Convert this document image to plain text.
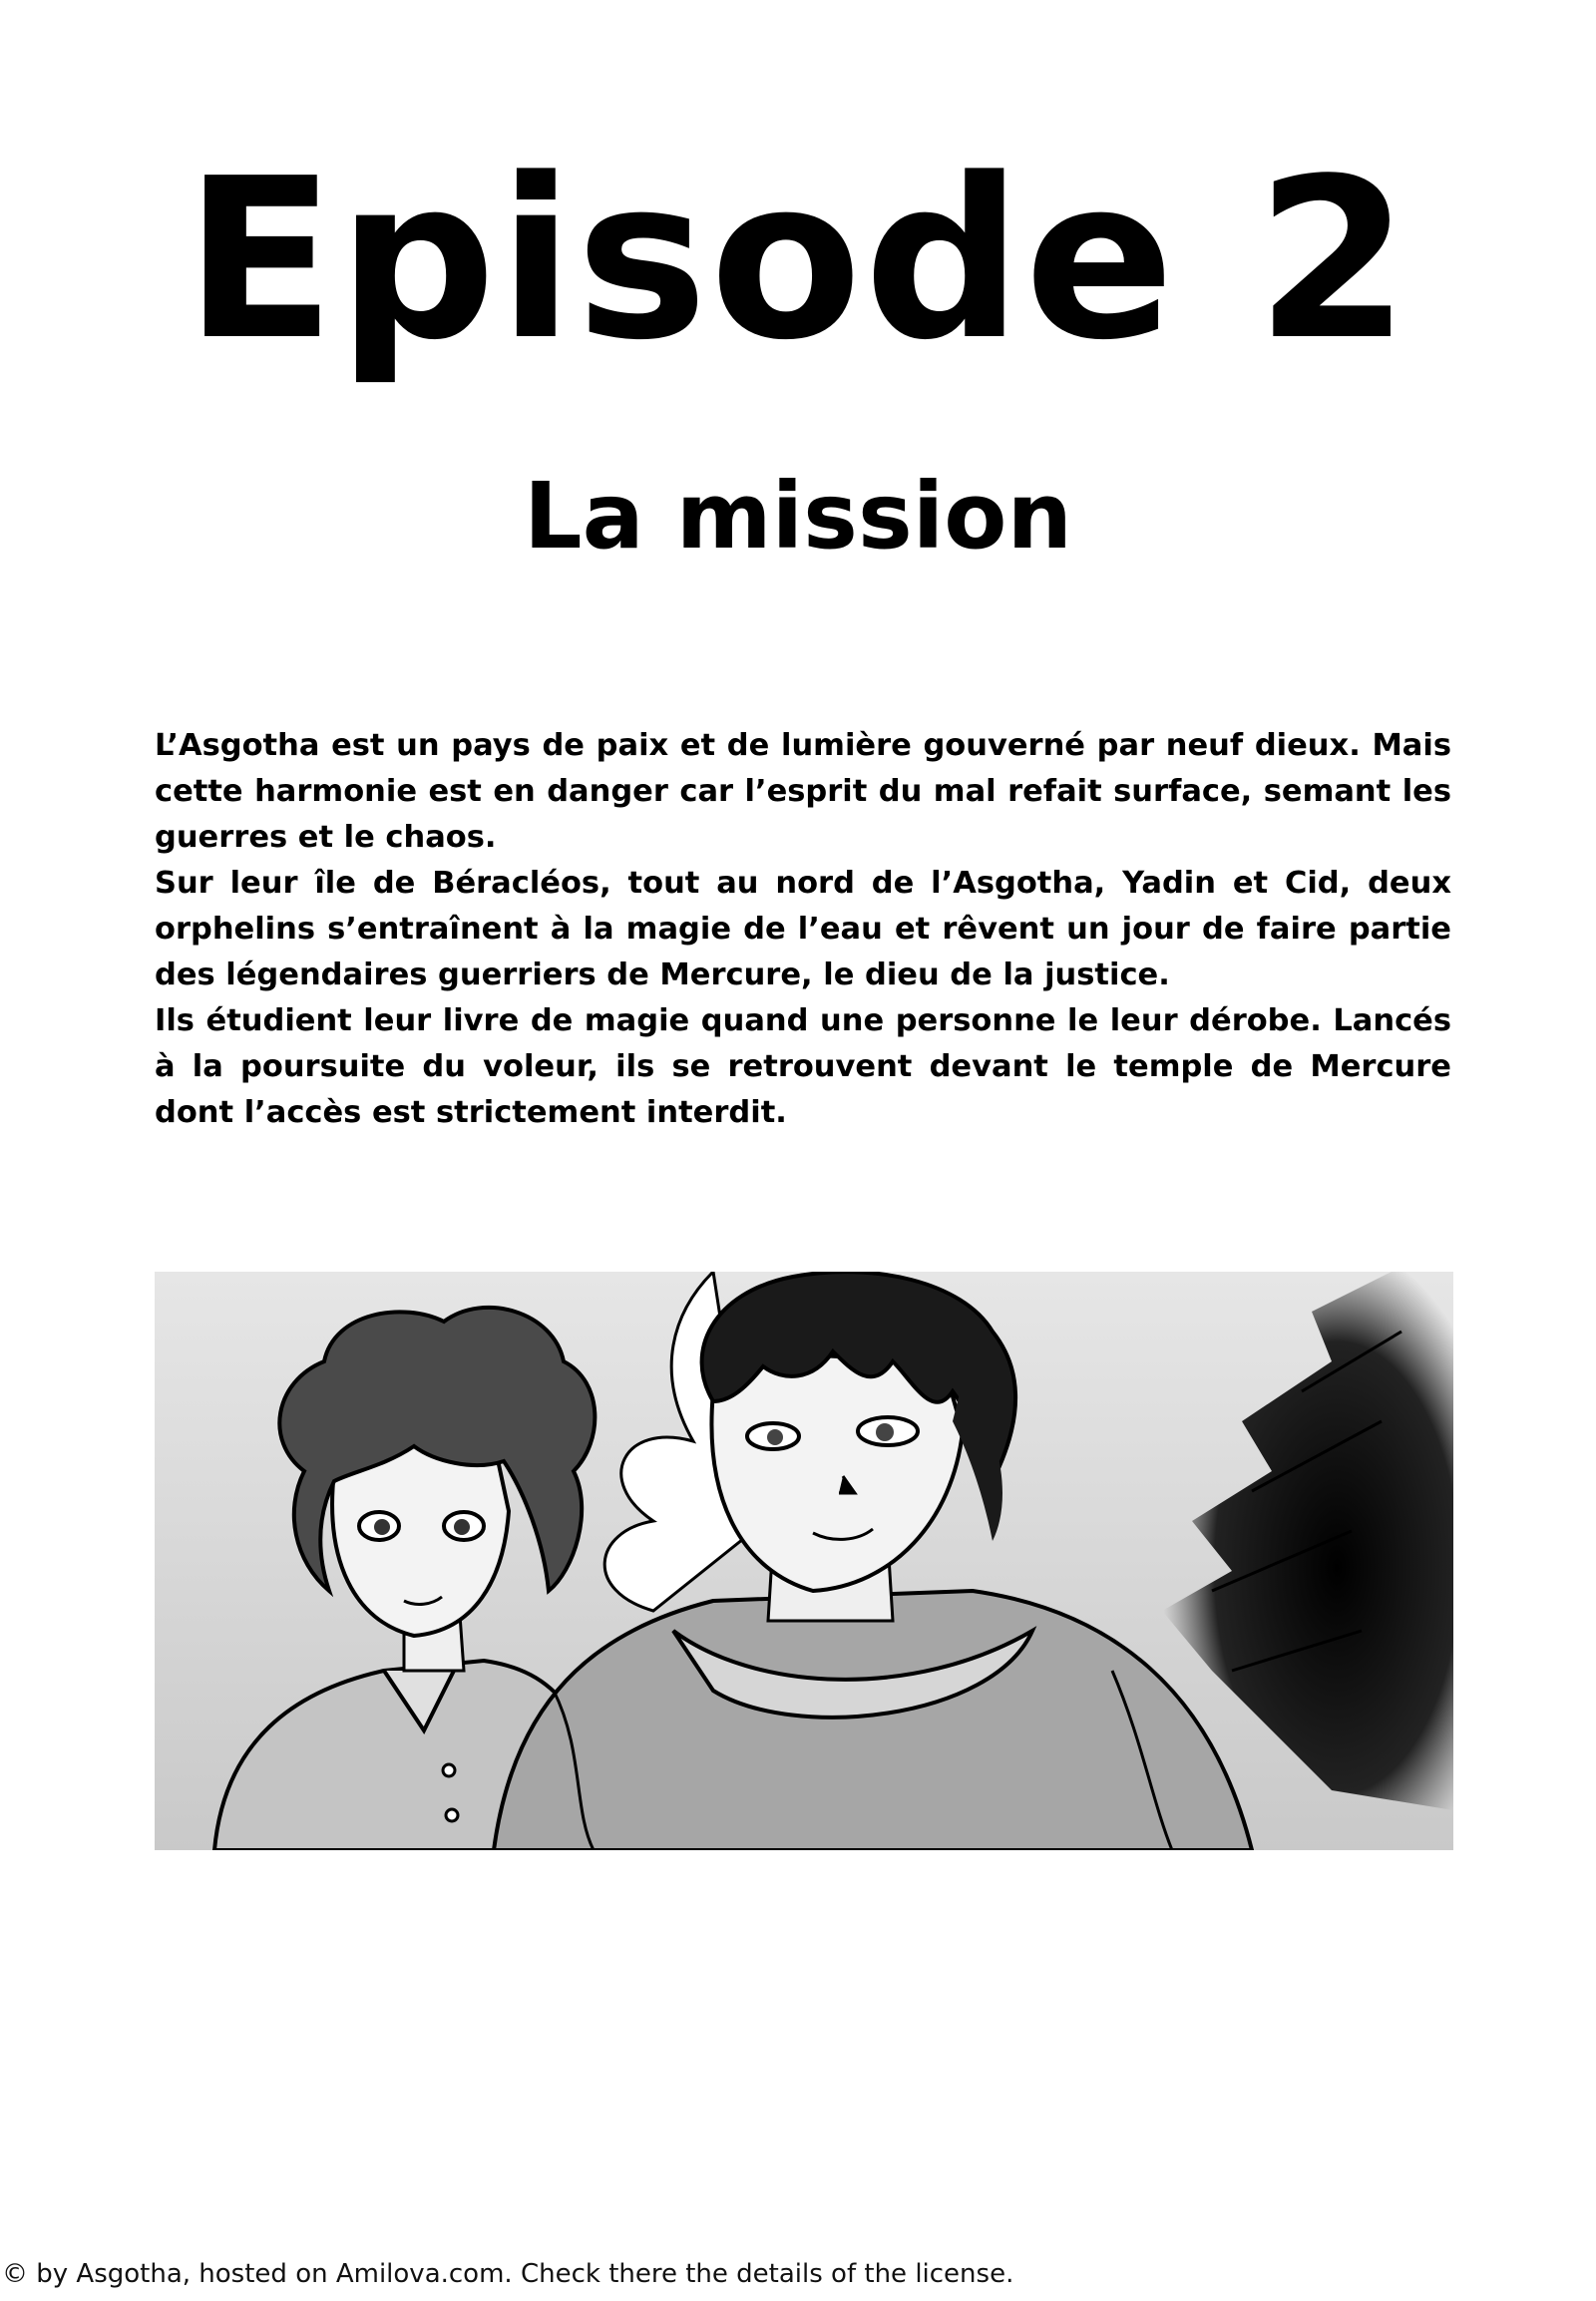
Episode 2
La mission

L’Asgotha est un pays de paix et de lumière gouverné par neuf dieux. Mais cette harmonie est en danger car l’esprit du mal refait surface, semant les guerres et le chaos.

Sur leur île de Béracléos, tout au nord de l’Asgotha, Yadin et Cid, deux orphelins s’entraînent à la magie de l’eau et rêvent un jour de faire partie des légendaires guerriers de Mercure, le dieu de la justice.

Ils étudient leur livre de magie quand une personne le leur dérobe. Lancés à la poursuite du voleur, ils se retrouvent devant le temple de Mercure dont l’accès est strictement interdit.

© by Asgotha, hosted on Amilova.com. Check there the details of the license.
